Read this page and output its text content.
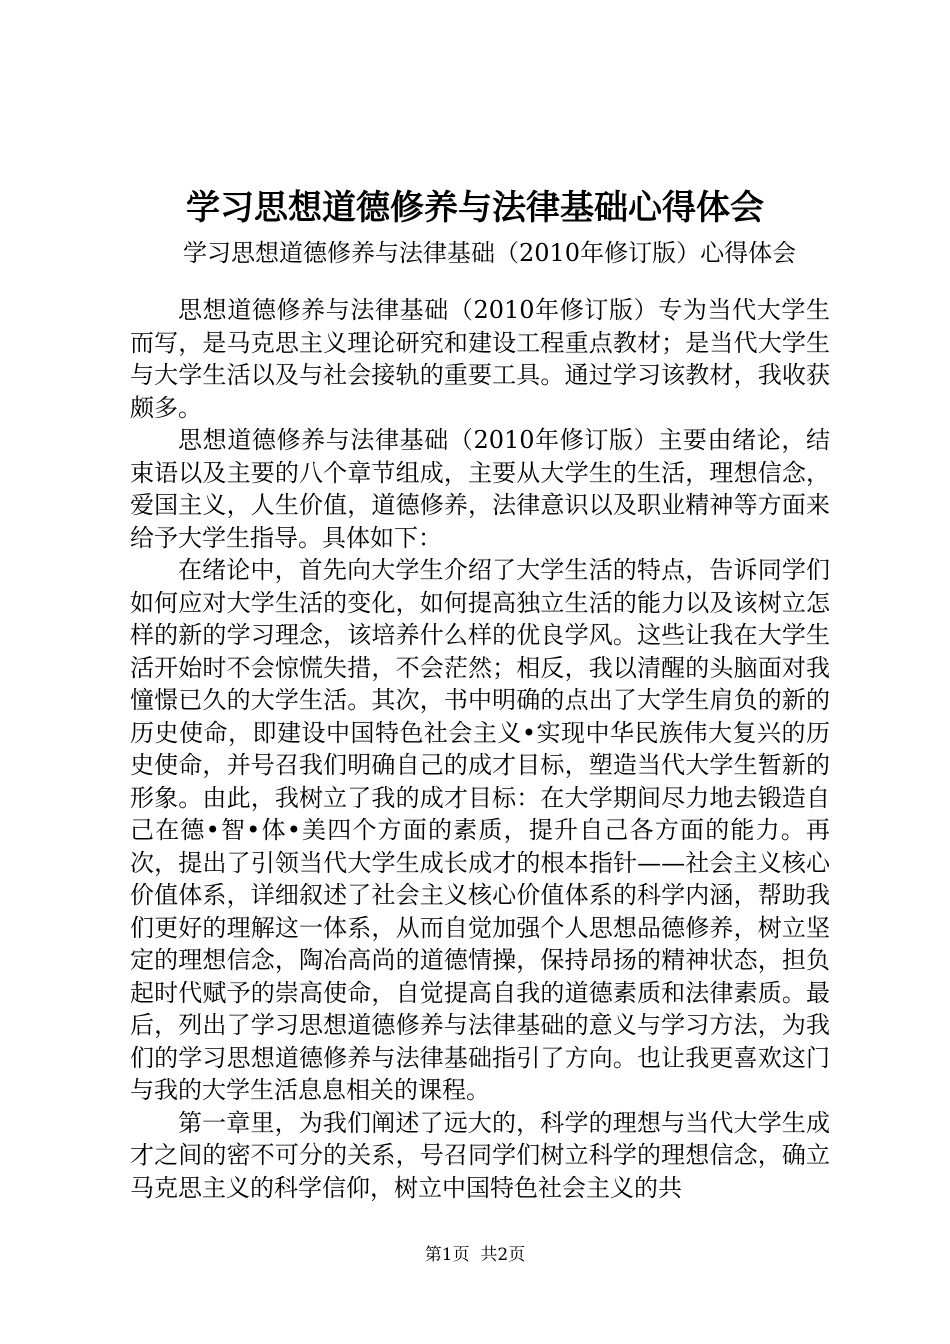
学习思想道德修养与法律基础心得体会
学习思想道德修养与法律基础（2010年修订版）心得体会

思想道德修养与法律基础（2010年修订版）专为当代大学生而写，是马克思主义理论研究和建设工程重点教材；是当代大学生与大学生活以及与社会接轨的重要工具。通过学习该教材，我收获颇多。

思想道德修养与法律基础（2010年修订版）主要由绪论，结束语以及主要的八个章节组成，主要从大学生的生活，理想信念，爱国主义，人生价值，道德修养，法律意识以及职业精神等方面来给予大学生指导。具体如下：

在绪论中，首先向大学生介绍了大学生活的特点，告诉同学们如何应对大学生活的变化，如何提高独立生活的能力以及该树立怎样的新的学习理念，该培养什么样的优良学风。这些让我在大学生活开始时不会惊慌失措，不会茫然；相反，我以清醒的头脑面对我憧憬已久的大学生活。其次，书中明确的点出了大学生肩负的新的历史使命，即建设中国特色社会主义•实现中华民族伟大复兴的历史使命，并号召我们明确自己的成才目标，塑造当代大学生暂新的形象。由此，我树立了我的成才目标：在大学期间尽力地去锻造自己在德•智•体•美四个方面的素质，提升自己各方面的能力。再次，提出了引领当代大学生成长成才的根本指针——社会主义核心价值体系，详细叙述了社会主义核心价值体系的科学内涵，帮助我们更好的理解这一体系，从而自觉加强个人思想品德修养，树立坚定的理想信念，陶冶高尚的道德情操，保持昂扬的精神状态，担负起时代赋予的崇高使命，自觉提高自我的道德素质和法律素质。最后，列出了学习思想道德修养与法律基础的意义与学习方法，为我们的学习思想道德修养与法律基础指引了方向。也让我更喜欢这门与我的大学生活息息相关的课程。

第一章里，为我们阐述了远大的，科学的理想与当代大学生成才之间的密不可分的关系，号召同学们树立科学的理想信念，确立马克思主义的科学信仰，树立中国特色社会主义的共

第1页  共2页
